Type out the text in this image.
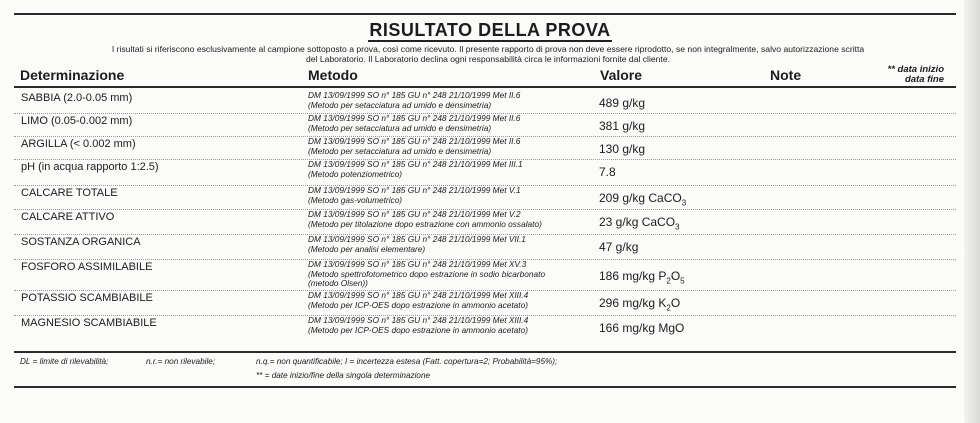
RISULTATO DELLA PROVA
I risultati si riferiscono esclusivamente al campione sottoposto a prova, così come ricevuto. Il presente rapporto di prova non deve essere riprodotto, se non integralmente, salvo autorizzazione scritta
del Laboratorio. Il Laboratorio declina ogni responsabilità circa le informazioni fornite dal cliente.
Determinazione	Metodo	Valore	Note	** data inizio
data fine
SABBIA (2.0-0.05 mm)	DM 13/09/1999 SO n° 185 GU n° 248 21/10/1999 Met II.6
(Metodo per setacciatura ad umido e densimetria)	489 g/kg
LIMO (0.05-0.002 mm)	DM 13/09/1999 SO n° 185 GU n° 248 21/10/1999 Met II.6
(Metodo per setacciatura ad umido e densimetria)	381 g/kg
ARGILLA (< 0.002 mm)	DM 13/09/1999 SO n° 185 GU n° 248 21/10/1999 Met II.6
(Metodo per setacciatura ad umido e densimetria)	130 g/kg
pH (in acqua rapporto 1:2.5)	DM 13/09/1999 SO n° 185 GU n° 248 21/10/1999 Met III.1
(Metodo potenziometrico)	7.8
CALCARE TOTALE	DM 13/09/1999 SO n° 185 GU n° 248 21/10/1999 Met V.1
(Metodo gas-volumetrico)	209 g/kg CaCO$_3$
CALCARE ATTIVO	DM 13/09/1999 SO n° 185 GU n° 248 21/10/1999 Met V.2
(Metodo per titolazione dopo estrazione con ammonio ossalato)	23 g/kg CaCO$_3$
SOSTANZA ORGANICA	DM 13/09/1999 SO n° 185 GU n° 248 21/10/1999 Met VII.1
(Metodo per analisi elementare)	47 g/kg
FOSFORO ASSIMILABILE	DM 13/09/1999 SO n° 185 GU n° 248 21/10/1999 Met XV.3
(Metodo spettrofotometrico dopo estrazione in sodio bicarbonato
(metodo Olsen))	186 mg/kg $P_2O_5$
POTASSIO SCAMBIABILE	DM 13/09/1999 SO n° 185 GU n° 248 21/10/1999 Met XIII.4
(Metodo per ICP-OES dopo estrazione in ammonio acetato)	296 mg/kg $K_2O$
MAGNESIO SCAMBIABILE	DM 13/09/1999 SO n° 185 GU n° 248 21/10/1999 Met XIII.4
(Metodo per ICP-OES dopo estrazione in ammonio acetato)	166 mg/kg MgO
DL = limite di rilevabilità;	n.r.= non rilevabile;	n.q.= non quantificabile; I = incertezza estesa (Fatt. copertura=2; Probabilità=95%);
** = date inizio/fine della singola determinazione
